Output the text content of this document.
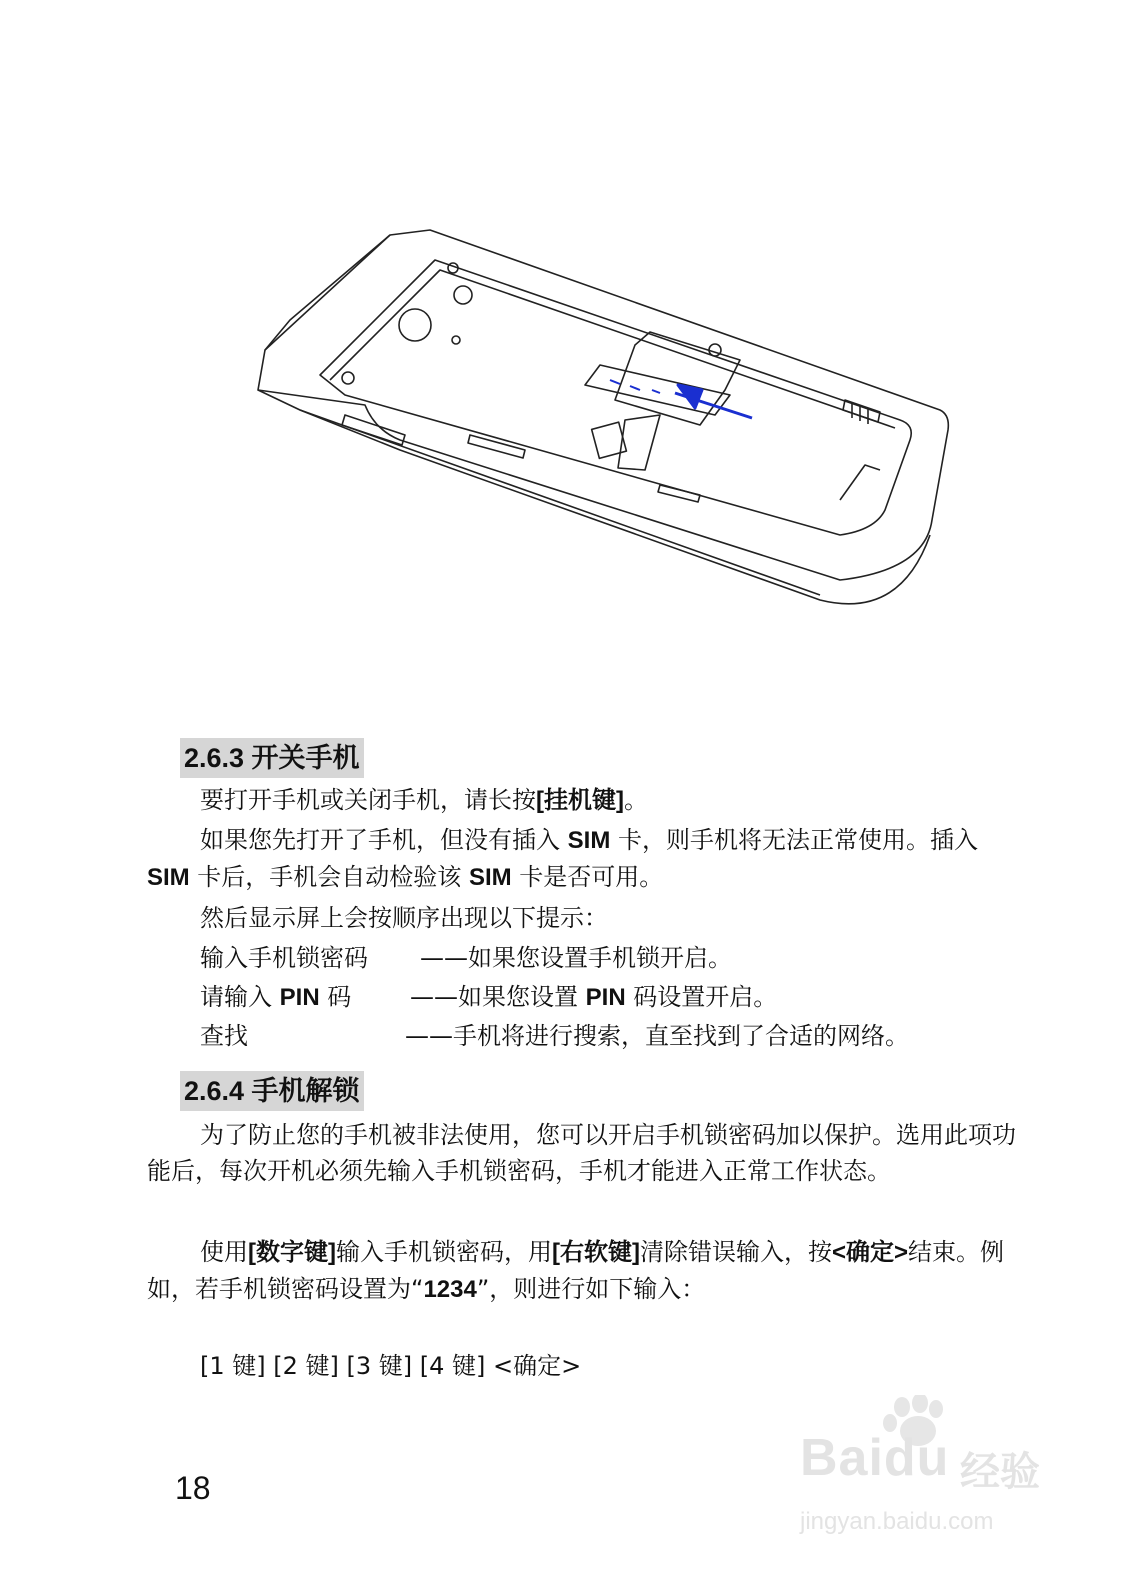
2.6.3 开关手机

要打开手机或关闭手机，请长按[挂机键]。

如果您先打开了手机，但没有插入 SIM 卡，则手机将无法正常使用。插入 SIM 卡后，手机会自动检验该 SIM 卡是否可用。

然后显示屏上会按顺序出现以下提示：

输入手机锁密码 ——如果您设置手机锁开启。
请输入 PIN 码 ——如果您设置 PIN 码设置开启。
查找	——手机将进行搜索，直至找到了合适的网络。
2.6.4 手机解锁

为了防止您的手机被非法使用，您可以开启手机锁密码加以保护。选用此项功能后，每次开机必须先输入手机锁密码，手机才能进入正常工作状态。

使用[数字键]输入手机锁密码，用[右软键]清除错误输入，按<确定>结束。例如，若手机锁密码设置为“1234”，则进行如下输入：

[1 键] [2 键] [3 键] [4 键] <确定>

18
Baidu 经验
jingyan.baidu.com
